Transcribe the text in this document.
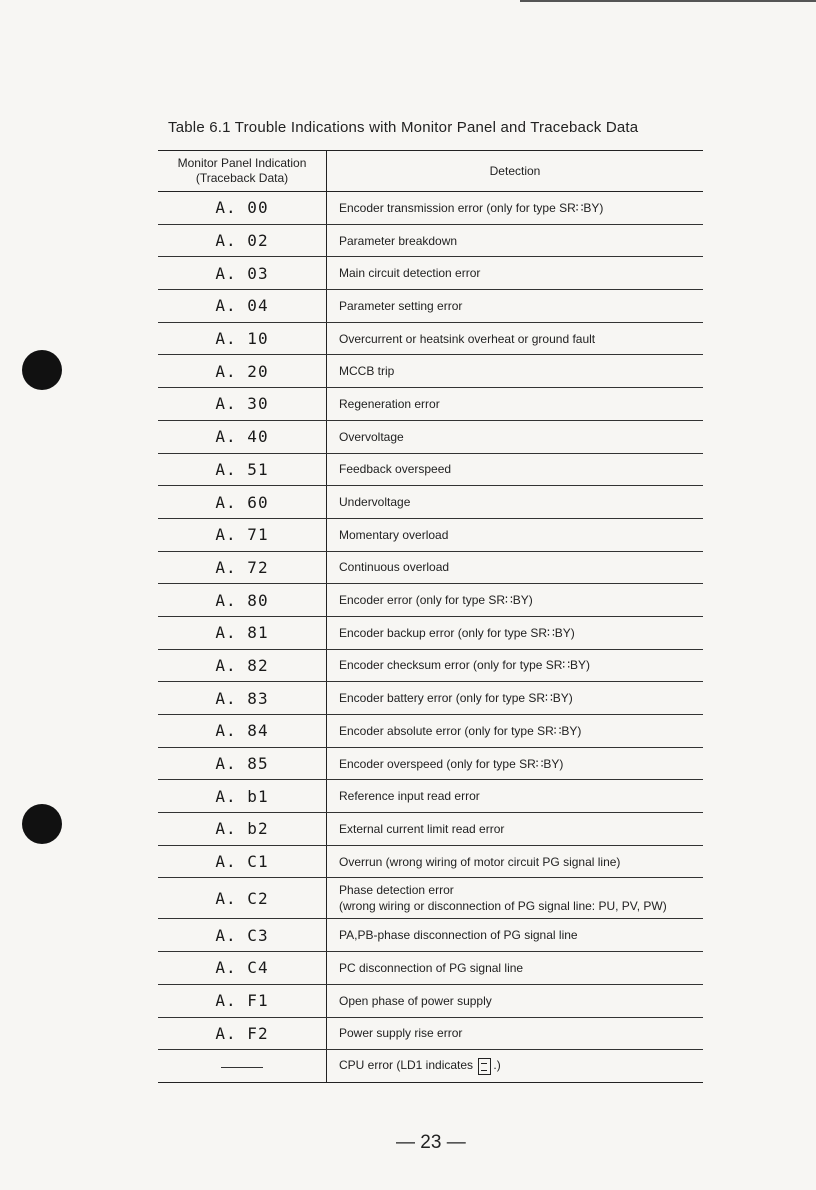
Table 6.1 Trouble Indications with Monitor Panel and Traceback Data
Monitor Panel Indication
(Traceback Data)	Detection
A. 00	Encoder transmission error (only for type SR∷BY)
A. 02	Parameter breakdown
A. 03	Main circuit detection error
A. 04	Parameter setting error
A. 10	Overcurrent or heatsink overheat or ground fault
A. 20	MCCB trip
A. 30	Regeneration error
A. 40	Overvoltage
A. 51	Feedback overspeed
A. 60	Undervoltage
A. 71	Momentary overload
A. 72	Continuous overload
A. 80	Encoder error (only for type SR∷BY)
A. 81	Encoder backup error (only for type SR∷BY)
A. 82	Encoder checksum error (only for type SR∷BY)
A. 83	Encoder battery error (only for type SR∷BY)
A. 84	Encoder absolute error (only for type SR∷BY)
A. 85	Encoder overspeed (only for type SR∷BY)
A. b1	Reference input read error
A. b2	External current limit read error
A. C1	Overrun (wrong wiring of motor circuit PG signal line)
A. C2	Phase detection error
(wrong wiring or disconnection of PG signal line: PU, PV, PW)

A. C3	PA,PB-phase disconnection of PG signal line
A. C4	PC disconnection of PG signal line
A. F1	Open phase of power supply
A. F2	Power supply rise error
	CPU error (LD1 indicates .)
— 23 —
